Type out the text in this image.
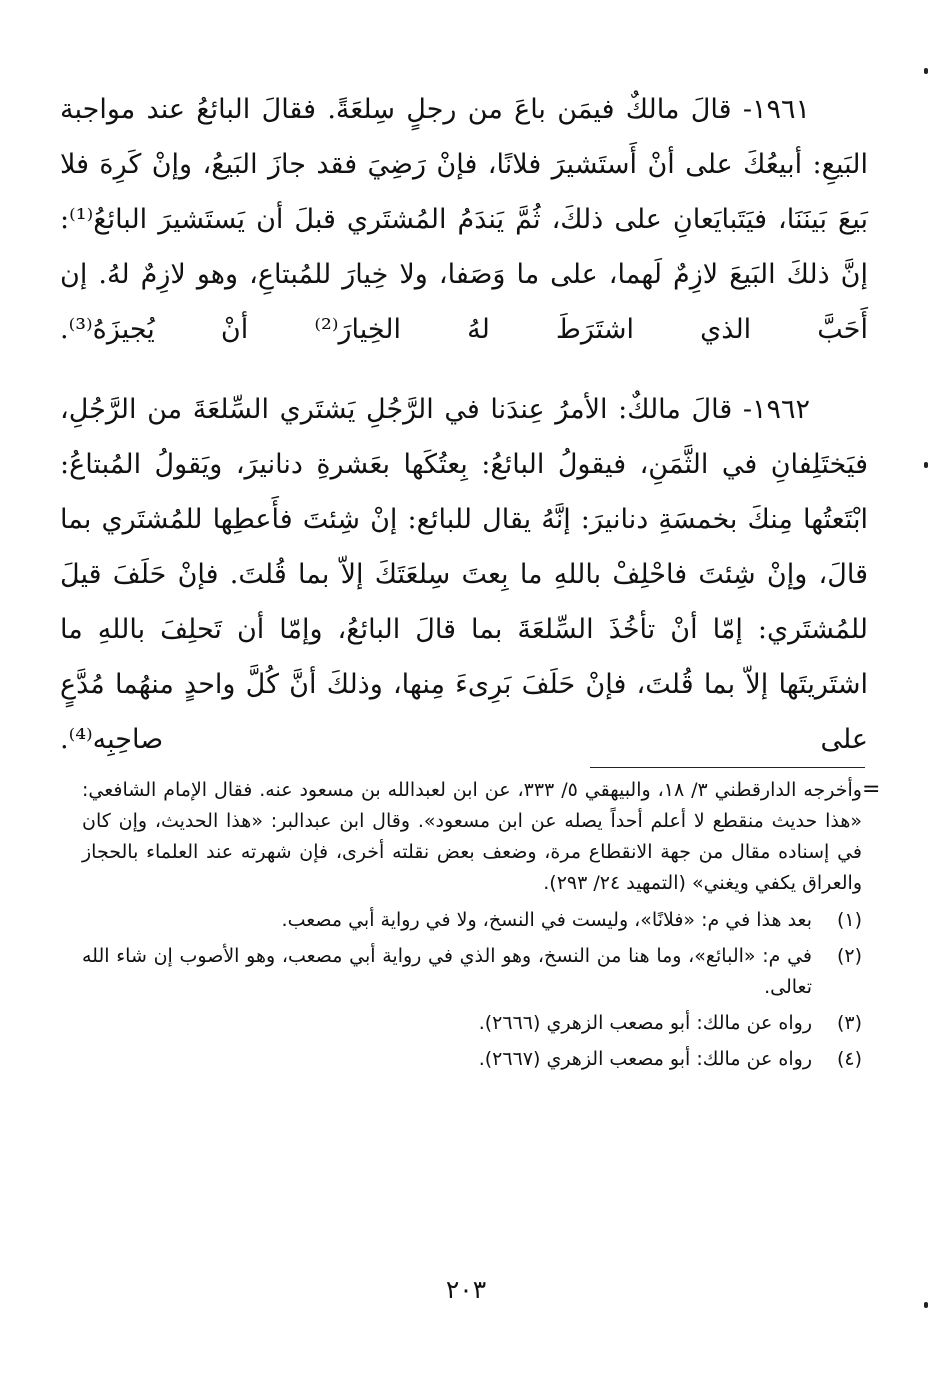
١٩٦١- قالَ مالكٌ فيمَن باعَ من رجلٍ سِلعَةً. فقالَ البائعُ عند مواجبة البَيعِ: أبيعُكَ على أنْ أَستَشيرَ فلانًا، فإنْ رَضِيَ فقد جازَ البَيعُ، وإنْ كَرِهَ فلا بَيعَ بَينَنَا، فيَتَبايَعانِ على ذلكَ، ثُمَّ يَندَمُ المُشتَري قبلَ أن يَستَشيرَ البائعُ⁽¹⁾: إنَّ ذلكَ البَيعَ لازِمٌ لَهما، على ما وَصَفا، ولا خِيارَ للمُبتاعِ، وهو لازِمٌ لهُ. إن أَحَبَّ الذي اشتَرَطَ لهُ الخِيارَ⁽²⁾ أنْ يُجيزَهُ⁽³⁾.

١٩٦٢- قالَ مالكٌ: الأمرُ عِندَنا في الرَّجُلِ يَشتَري السِّلعَةَ من الرَّجُلِ، فيَختَلِفانِ في الثَّمَنِ، فيقولُ البائعُ: بِعتُكَها بعَشرةِ دنانيرَ، ويَقولُ المُبتاعُ: ابْتَعتُها مِنكَ بخمسَةِ دنانيرَ: إنَّهُ يقال للبائع: إنْ شِئتَ فأَعطِها للمُشتَري بما قالَ، وإنْ شِئتَ فاحْلِفْ باللهِ ما بِعتَ سِلعَتَكَ إلاّ بما قُلتَ. فإنْ حَلَفَ قيلَ للمُشتَري: إمّا أنْ تأخُذَ السِّلعَةَ بما قالَ البائعُ، وإمّا أن تَحلِفَ باللهِ ما اشتَريتَها إلاّ بما قُلتَ، فإنْ حَلَفَ بَرِىءَ مِنها، وذلكَ أنَّ كُلَّ واحدٍ منهُما مُدَّعٍ على صاحِبِه⁽⁴⁾.

=

وأخرجه الدارقطني ٣/ ١٨، والبيهقي ٥/ ٣٣٣، عن ابن لعبدالله بن مسعود عنه. فقال الإمام الشافعي: «هذا حديث منقطع لا أعلم أحداً يصله عن ابن مسعود». وقال ابن عبدالبر: «هذا الحديث، وإن كان في إسناده مقال من جهة الانقطاع مرة، وضعف بعض نقلته أخرى، فإن شهرته عند العلماء بالحجاز والعراق يكفي ويغني» (التمهيد ٢٤/ ٢٩٣).

(١)
بعد هذا في م: «فلانًا»، وليست في النسخ، ولا في رواية أبي مصعب.
(٢)
في م: «البائع»، وما هنا من النسخ، وهو الذي في رواية أبي مصعب، وهو الأصوب إن شاء الله تعالى.
(٣)
رواه عن مالك: أبو مصعب الزهري (٢٦٦٦).
(٤)
رواه عن مالك: أبو مصعب الزهري (٢٦٦٧).
٢٠٣
